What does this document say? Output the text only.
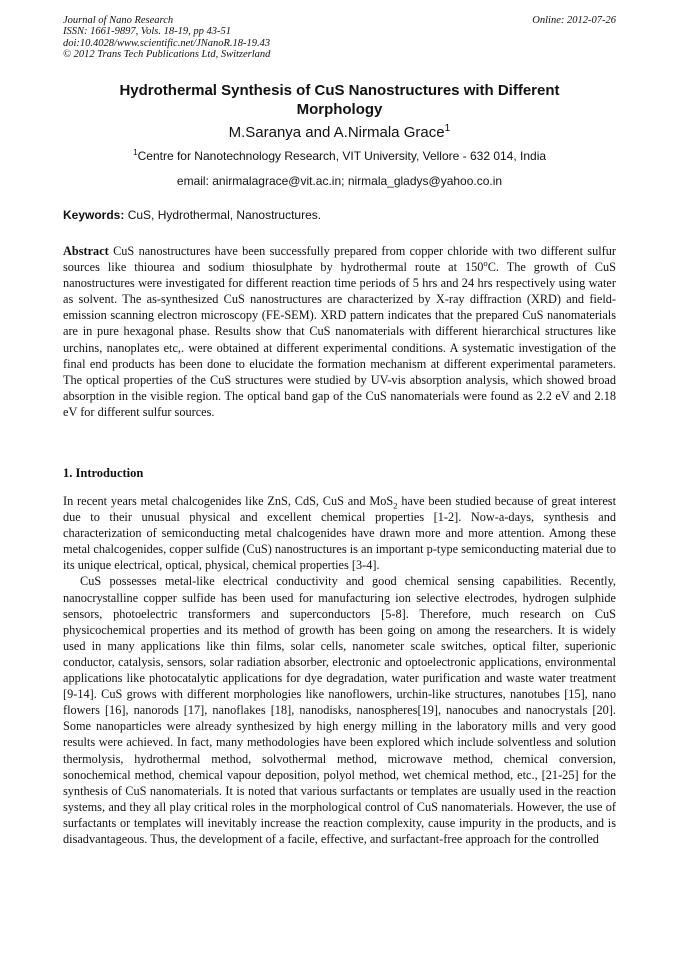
Journal of Nano Research
ISSN: 1661-9897, Vols. 18-19, pp 43-51
doi:10.4028/www.scientific.net/JNanoR.18-19.43
© 2012 Trans Tech Publications Ltd, Switzerland
Online: 2012-07-26
Hydrothermal Synthesis of CuS Nanostructures with Different
Morphology
M.Saranya and A.Nirmala Grace$^1$
$^1$Centre for Nanotechnology Research, VIT University, Vellore - 632 014, India
email: anirmalagrace@vit.ac.in; nirmala_gladys@yahoo.co.in
Keywords: CuS, Hydrothermal, Nanostructures.
Abstract CuS nanostructures have been successfully prepared from copper chloride with two different sulfur sources like thiourea and sodium thiosulphate by hydrothermal route at 150$^o$C. The growth of CuS nanostructures were investigated for different reaction time periods of 5 hrs and 24 hrs respectively using water as solvent. The as-synthesized CuS nanostructures are characterized by X-ray diffraction (XRD) and field-emission scanning electron microscopy (FE-SEM). XRD pattern indicates that the prepared CuS nanomaterials are in pure hexagonal phase. Results show that CuS nanomaterials with different hierarchical structures like urchins, nanoplates etc,. were obtained at different experimental conditions. A systematic investigation of the final end products has been done to elucidate the formation mechanism at different experimental parameters. The optical properties of the CuS structures were studied by UV-vis absorption analysis, which showed broad absorption in the visible region. The optical band gap of the CuS nanomaterials were found as 2.2 eV and 2.18 eV for different sulfur sources.
1. Introduction

In recent years metal chalcogenides like ZnS, CdS, CuS and MoS$_2$ have been studied because of great interest due to their unusual physical and excellent chemical properties [1-2]. Now-a-days, synthesis and characterization of semiconducting metal chalcogenides have drawn more and more attention. Among these metal chalcogenides, copper sulfide (CuS) nanostructures is an important p-type semiconducting material due to its unique electrical, optical, physical, chemical properties [3-4].

CuS possesses metal-like electrical conductivity and good chemical sensing capabilities. Recently, nanocrystalline copper sulfide has been used for manufacturing ion selective electrodes, hydrogen sulphide sensors, photoelectric transformers and superconductors [5-8]. Therefore, much research on CuS physicochemical properties and its method of growth has been going on among the researchers. It is widely used in many applications like thin films, solar cells, nanometer scale switches, optical filter, superionic conductor, catalysis, sensors, solar radiation absorber, electronic and optoelectronic applications, environmental applications like photocatalytic applications for dye degradation, water purification and waste water treatment [9-14]. CuS grows with different morphologies like nanoflowers, urchin-like structures, nanotubes [15], nano flowers [16], nanorods [17], nanoflakes [18], nanodisks, nanospheres[19], nanocubes and nanocrystals [20]. Some nanoparticles were already synthesized by high energy milling in the laboratory mills and very good results were achieved. In fact, many methodologies have been explored which include solventless and solution thermolysis, hydrothermal method, solvothermal method, microwave method, chemical conversion, sonochemical method, chemical vapour deposition, polyol method, wet chemical method, etc., [21-25] for the synthesis of CuS nanomaterials. It is noted that various surfactants or templates are usually used in the reaction systems, and they all play critical roles in the morphological control of CuS nanomaterials. However, the use of surfactants or templates will inevitably increase the reaction complexity, cause impurity in the products, and is disadvantageous. Thus, the development of a facile, effective, and surfactant-free approach for the controlled
